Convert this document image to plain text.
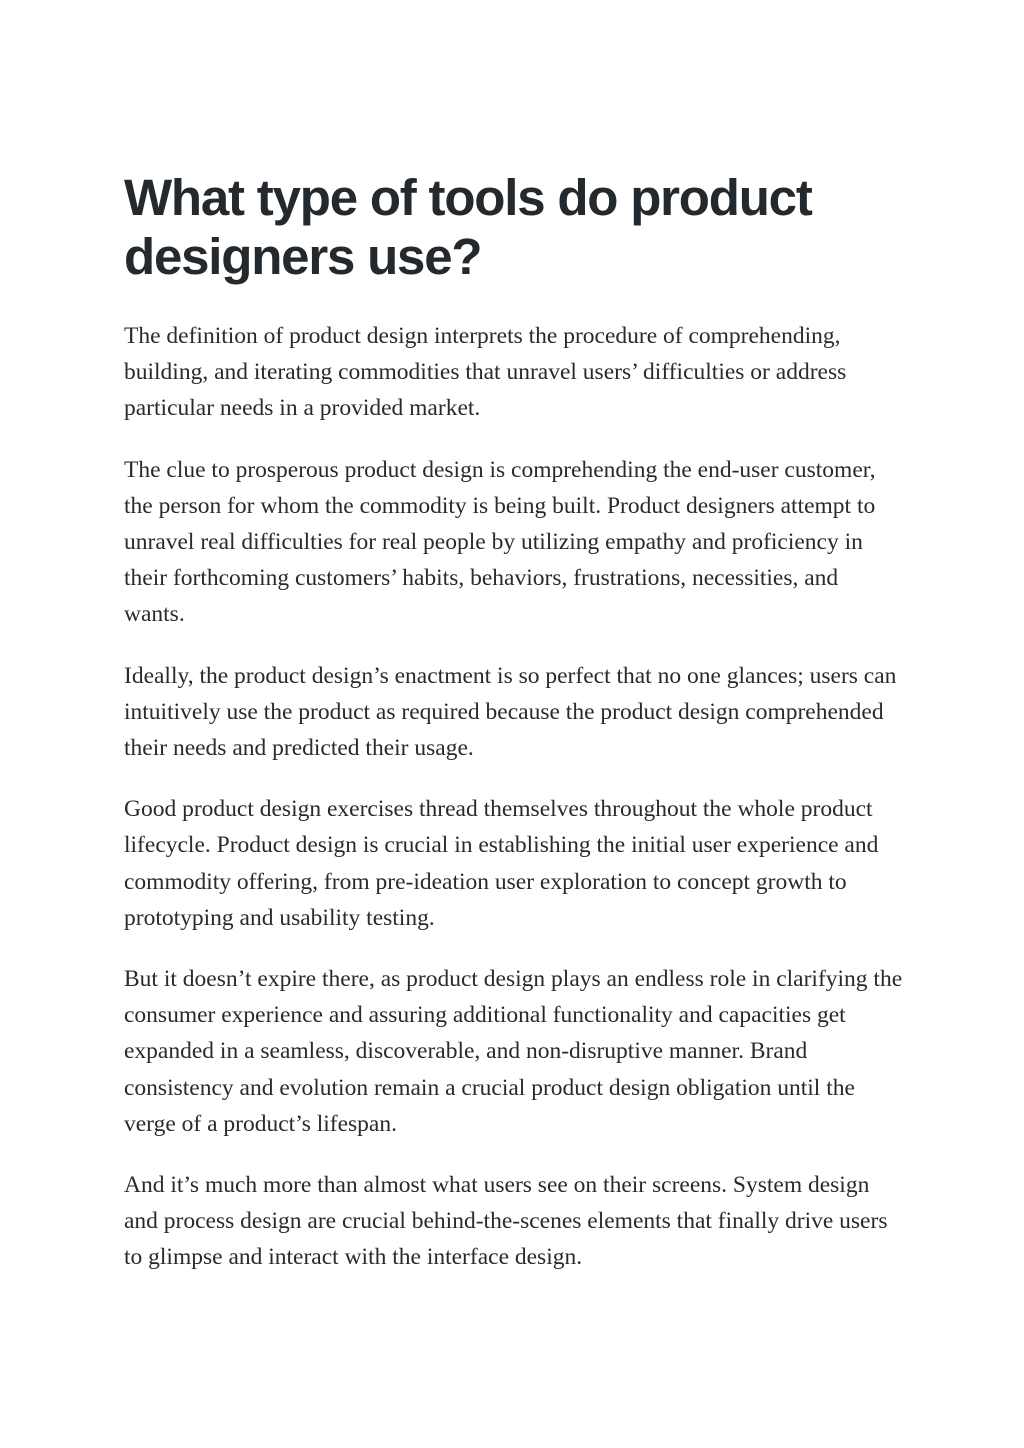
What type of tools do product designers use?

The definition of product design interprets the procedure of comprehending, building, and iterating commodities that unravel users’ difficulties or address particular needs in a provided market.

The clue to prosperous product design is comprehending the end-user customer, the person for whom the commodity is being built. Product designers attempt to unravel real difficulties for real people by utilizing empathy and proficiency in their forthcoming customers’ habits, behaviors, frustrations, necessities, and wants.

Ideally, the product design’s enactment is so perfect that no one glances; users can intuitively use the product as required because the product design comprehended their needs and predicted their usage.

Good product design exercises thread themselves throughout the whole product lifecycle. Product design is crucial in establishing the initial user experience and commodity offering, from pre-ideation user exploration to concept growth to prototyping and usability testing.

But it doesn’t expire there, as product design plays an endless role in clarifying the consumer experience and assuring additional functionality and capacities get expanded in a seamless, discoverable, and non-disruptive manner. Brand consistency and evolution remain a crucial product design obligation until the verge of a product’s lifespan.

And it’s much more than almost what users see on their screens. System design and process design are crucial behind-the-scenes elements that finally drive users to glimpse and interact with the interface design.
